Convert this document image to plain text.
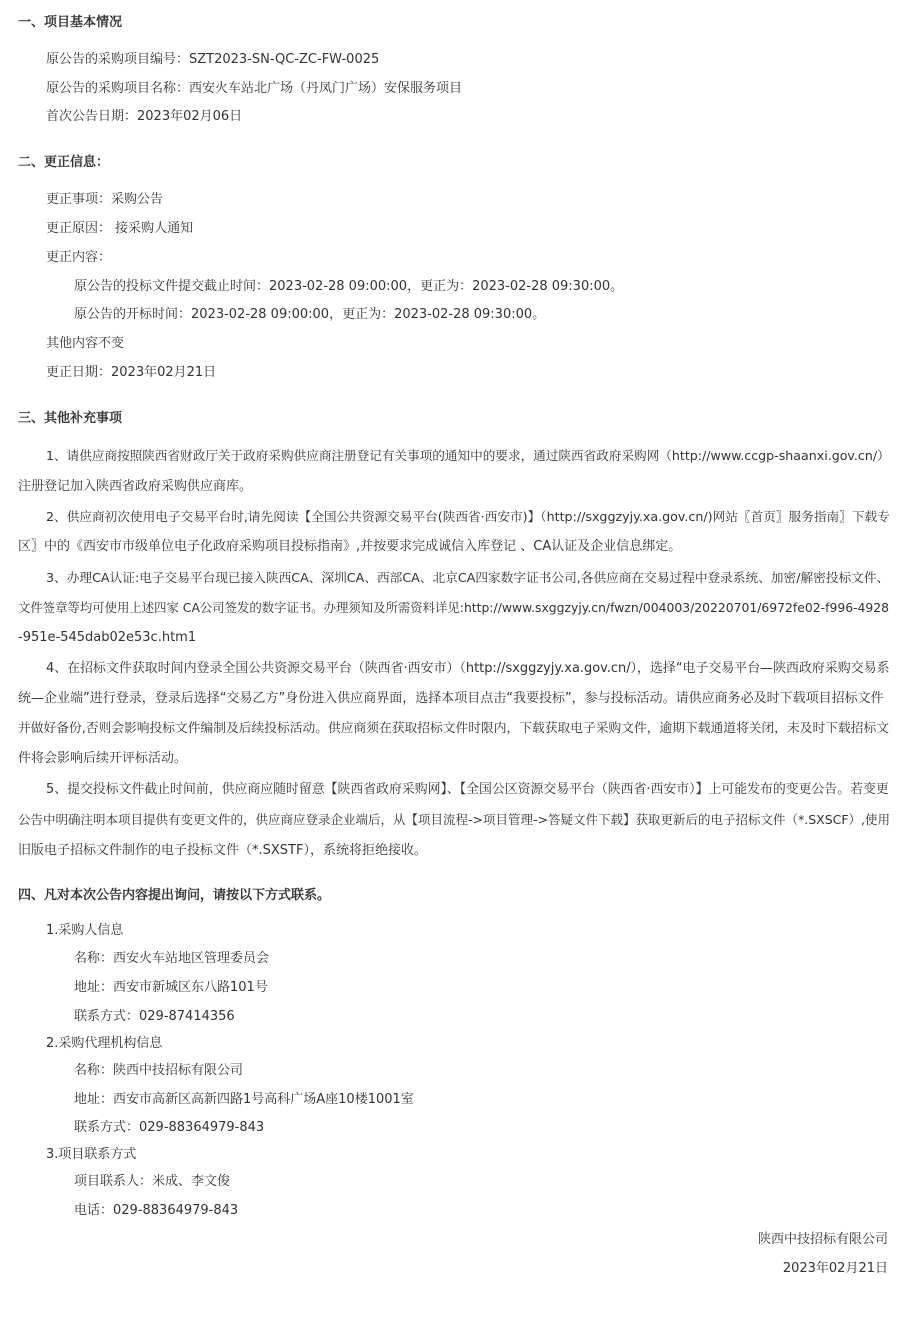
一、项目基本情况
原公告的采购项目编号：SZT2023-SN-QC-ZC-FW-0025
原公告的采购项目名称：西安火车站北广场（丹凤门广场）安保服务项目
首次公告日期：2023年02月06日
二、更正信息：
更正事项：采购公告
更正原因： 接采购人通知
更正内容：
原公告的投标文件提交截止时间：2023-02-28 09:00:00，更正为：2023-02-28 09:30:00。
原公告的开标时间：2023-02-28 09:00:00，更正为：2023-02-28 09:30:00。
其他内容不变
更正日期：2023年02月21日
三、其他补充事项
1、请供应商按照陕西省财政厅关于政府采购供应商注册登记有关事项的通知中的要求，通过陕西省政府采购网（http://www.ccgp-shaanxi.gov.cn/）
注册登记加入陕西省政府采购供应商库。
2、供应商初次使用电子交易平台时,请先阅读【全国公共资源交易平台(陕西省·西安市)】（http://sxggzyjy.xa.gov.cn/)网站〖首页〗服务指南〗下载专
区〗中的《西安市市级单位电子化政府采购项目投标指南》,并按要求完成诚信入库登记 、CA认证及企业信息绑定。
3、办理CA认证:电子交易平台现已接入陕西CA、深圳CA、西部CA、北京CA四家数字证书公司,各供应商在交易过程中登录系统、加密/解密投标文件、
文件签章等均可使用上述四家 CA公司签发的数字证书。办理须知及所需资料详见:http://www.sxggzyjy.cn/fwzn/004003/20220701/6972fe02-f996-4928
-951e-545dab02e53c.htm1
4、在招标文件获取时间内登录全国公共资源交易平台（陕西省·西安市）（http://sxggzyjy.xa.gov.cn/），选择“电子交易平台—陕西政府采购交易系
统—企业端”进行登录，登录后选择“交易乙方”身份进入供应商界面，选择本项目点击“我要投标”，参与投标活动。请供应商务必及时下载项目招标文件
并做好备份,否则会影响投标文件编制及后续投标活动。供应商须在获取招标文件时限内，下载获取电子采购文件，逾期下载通道将关闭，未及时下载招标文
件将会影响后续开评标活动。
5、提交投标文件截止时间前，供应商应随时留意【陕西省政府采购网】、【全国公区资源交易平台（陕西省·西安市）】上可能发布的变更公告。若变更
公告中明确注明本项目提供有变更文件的，供应商应登录企业端后，从【项目流程->项目管理->答疑文件下载】获取更新后的电子招标文件（*.SXSCF）,使用
旧版电子招标文件制作的电子投标文件（*.SXSTF），系统将拒绝接收。
四、凡对本次公告内容提出询问，请按以下方式联系。
1.采购人信息
名称：西安火车站地区管理委员会
地址：西安市新城区东八路101号
联系方式：029-87414356
2.采购代理机构信息
名称：陕西中技招标有限公司
地址：西安市高新区高新四路1号高科广场A座10楼1001室
联系方式：029-88364979-843
3.项目联系方式
项目联系人：米成、李文俊
电话：029-88364979-843
陕西中技招标有限公司
2023年02月21日
